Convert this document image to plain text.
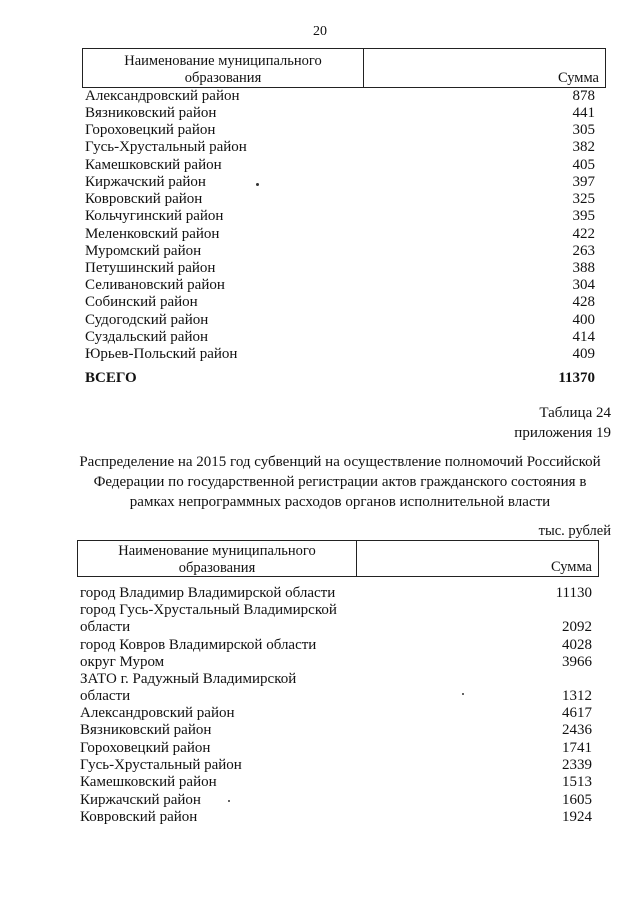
20
Наименование муниципального
образования	Сумма
Александровский район	878
Вязниковский район	441
Гороховецкий район	305
Гусь-Хрустальный район	382
Камешковский район	405
Киржачский район	397
Ковровский район	325
Кольчугинский район	395
Меленковский район	422
Муромский район	263
Петушинский район	388
Селивановский район	304
Собинский район	428
Судогодский район	400
Суздальский район	414
Юрьев-Польский район	409
ВСЕГО	11370
Таблица 24
приложения 19
Распределение на 2015 год субвенций на осуществление полномочий Российской
Федерации по государственной регистрации актов гражданского состояния в
рамках непрограммных расходов органов исполнительной власти
тыс. рублей
Наименование муниципального
образования	Сумма
город Владимир Владимирской области	11130
город Гусь-Хрустальный Владимирской
области	2092
город Ковров Владимирской области	4028
округ Муром	3966
ЗАТО г. Радужный Владимирской
области	1312
Александровский район	4617
Вязниковский район	2436
Гороховецкий район	1741
Гусь-Хрустальный район	2339
Камешковский район	1513
Киржачский район	1605
Ковровский район	1924
